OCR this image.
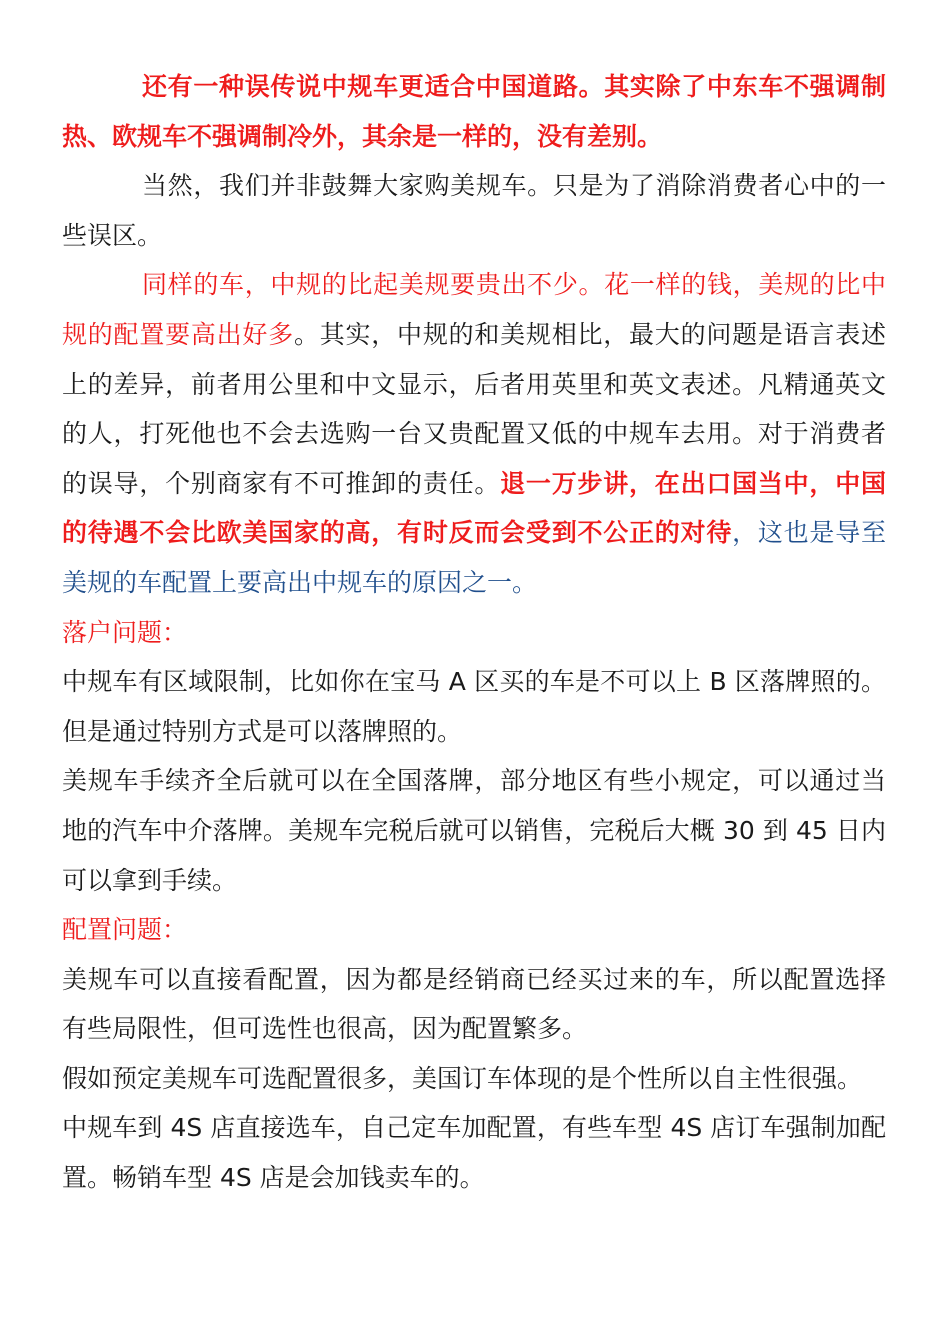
还有一种误传说中规车更适合中国道路。其实除了中东车不强调制热、欧规车不强调制冷外，其余是一样的，没有差别。

当然，我们并非鼓舞大家购美规车。只是为了消除消费者心中的一些误区。

同样的车，中规的比起美规要贵出不少。花一样的钱，美规的比中规的配置要高出好多。其实，中规的和美规相比，最大的问题是语言表述上的差异，前者用公里和中文显示，后者用英里和英文表述。凡精通英文的人，打死他也不会去选购一台又贵配置又低的中规车去用。对于消费者的误导，个别商家有不可推卸的责任。退一万步讲，在出口国当中，中国的待遇不会比欧美国家的高，有时反而会受到不公正的对待，这也是导至美规的车配置上要高出中规车的原因之一。

落户问题：

中规车有区域限制，比如你在宝马 A 区买的车是不可以上 B 区落牌照的。但是通过特别方式是可以落牌照的。

美规车手续齐全后就可以在全国落牌，部分地区有些小规定，可以通过当地的汽车中介落牌。美规车完税后就可以销售，完税后大概 30 到 45 日内可以拿到手续。

配置问题：

美规车可以直接看配置，因为都是经销商已经买过来的车，所以配置选择有些局限性，但可选性也很高，因为配置繁多。

假如预定美规车可选配置很多，美国订车体现的是个性所以自主性很强。

中规车到 4S 店直接选车，自己定车加配置，有些车型 4S 店订车强制加配置。畅销车型 4S 店是会加钱卖车的。
